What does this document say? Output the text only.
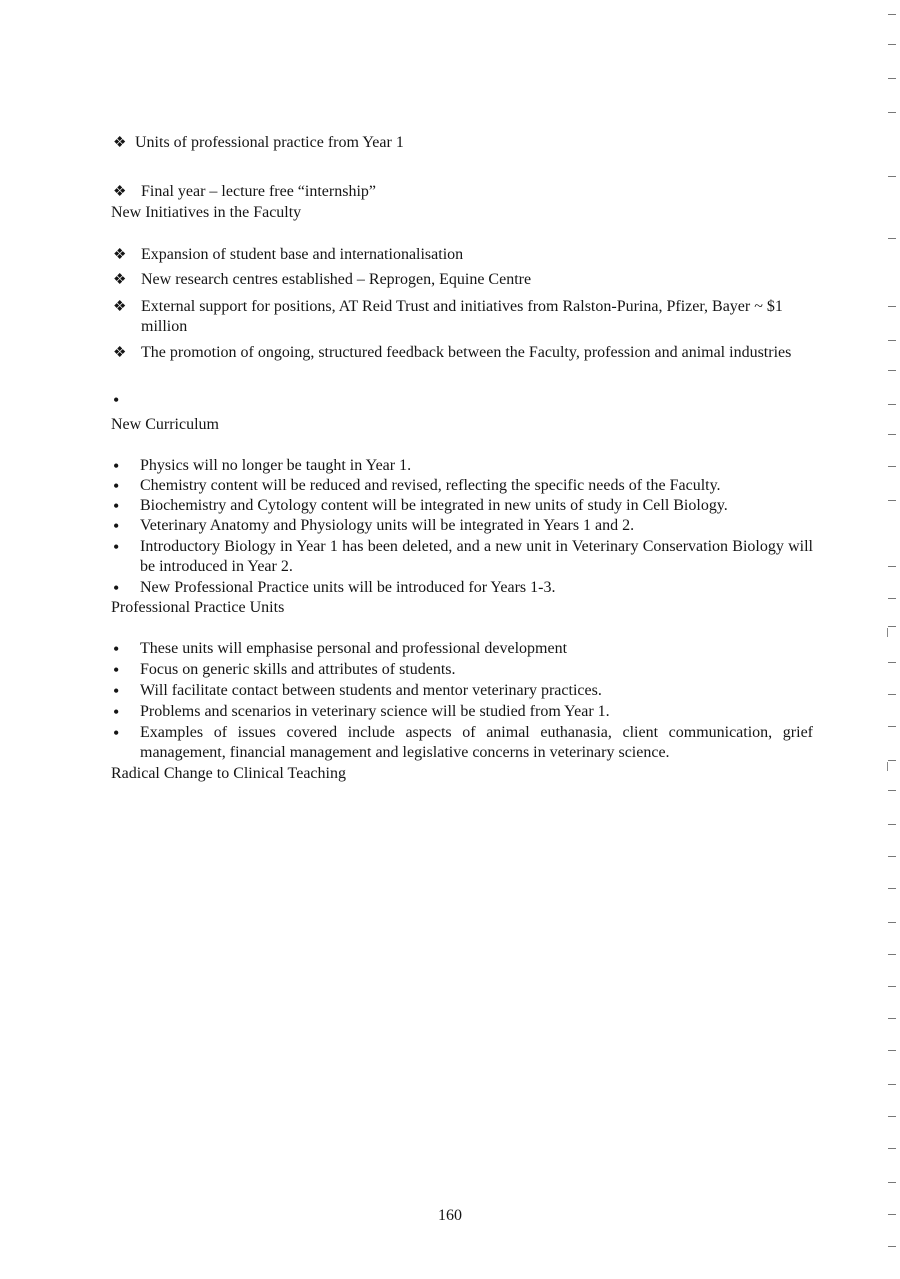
❖ Units of professional practice from Year 1
❖ Final year – lecture free “internship”
New Initiatives in the Faculty
❖ Expansion of student base and internationalisation
❖ New research centres established – Reprogen, Equine Centre
❖ External support for positions, AT Reid Trust and initiatives from Ralston-Purina, Pfizer, Bayer ~ $1 million
❖ The promotion of ongoing, structured feedback between the Faculty, profession and animal industries
•
New Curriculum
•	Physics will no longer be taught in Year 1.
•	Chemistry content will be reduced and revised, reflecting the specific needs of the Faculty.
•	Biochemistry and Cytology content will be integrated in new units of study in Cell Biology.
•	Veterinary Anatomy and Physiology units will be integrated in Years 1 and 2.
•	Introductory Biology in Year 1 has been deleted, and a new unit in Veterinary Conservation Biology will be introduced in Year 2.
•	New Professional Practice units will be introduced for Years 1-3.
Professional Practice Units
•	These units will emphasise personal and professional development
•	Focus on generic skills and attributes of students.
•	Will facilitate contact between students and mentor veterinary practices.
•	Problems and scenarios in veterinary science will be studied from Year 1.
•	Examples of issues covered include aspects of animal euthanasia, client communication, grief management, financial management and legislative concerns in veterinary science.
Radical Change to Clinical Teaching
160
